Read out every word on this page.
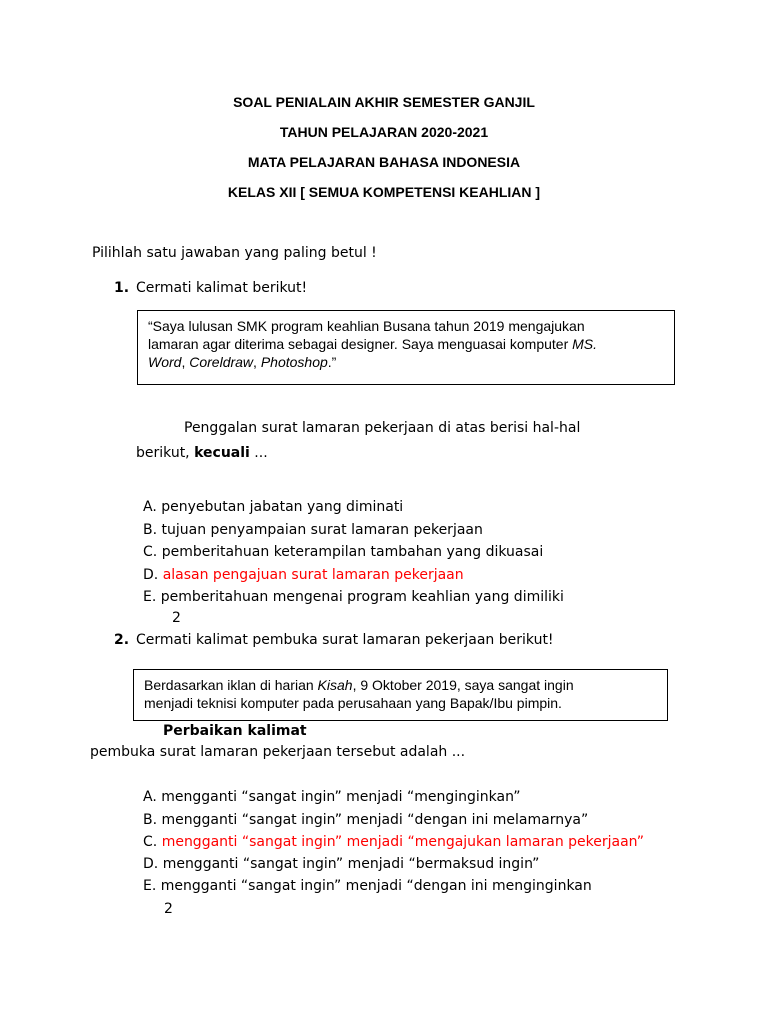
SOAL PENIALAIN AKHIR SEMESTER GANJIL
TAHUN PELAJARAN 2020-2021
MATA PELAJARAN BAHASA INDONESIA
KELAS XII [ SEMUA KOMPETENSI KEAHLIAN ]
Pilihlah satu jawaban yang paling betul !
1. Cermati kalimat berikut!
“Saya lulusan SMK program keahlian Busana tahun 2019 mengajukan
lamaran agar diterima sebagai designer. Saya menguasai komputer MS.
Word, Coreldraw, Photoshop.”
Penggalan surat lamaran pekerjaan di atas berisi hal-hal
berikut, kecuali ...
A. penyebutan jabatan yang diminati
B. tujuan penyampaian surat lamaran pekerjaan
C. pemberitahuan keterampilan tambahan yang dikuasai
D. alasan pengajuan surat lamaran pekerjaan
E. pemberitahuan mengenai program keahlian yang dimiliki
2
2. Cermati kalimat pembuka surat lamaran pekerjaan berikut!
Berdasarkan iklan di harian Kisah, 9 Oktober 2019, saya sangat ingin
menjadi teknisi komputer pada perusahaan yang Bapak/Ibu pimpin.
Perbaikan kalimat
pembuka surat lamaran pekerjaan tersebut adalah ...
A. mengganti “sangat ingin” menjadi “menginginkan”
B. mengganti “sangat ingin” menjadi “dengan ini melamarnya”
C. mengganti “sangat ingin” menjadi “mengajukan lamaran pekerjaan”
D. mengganti “sangat ingin” menjadi “bermaksud ingin”
E. mengganti “sangat ingin” menjadi “dengan ini menginginkan
2
